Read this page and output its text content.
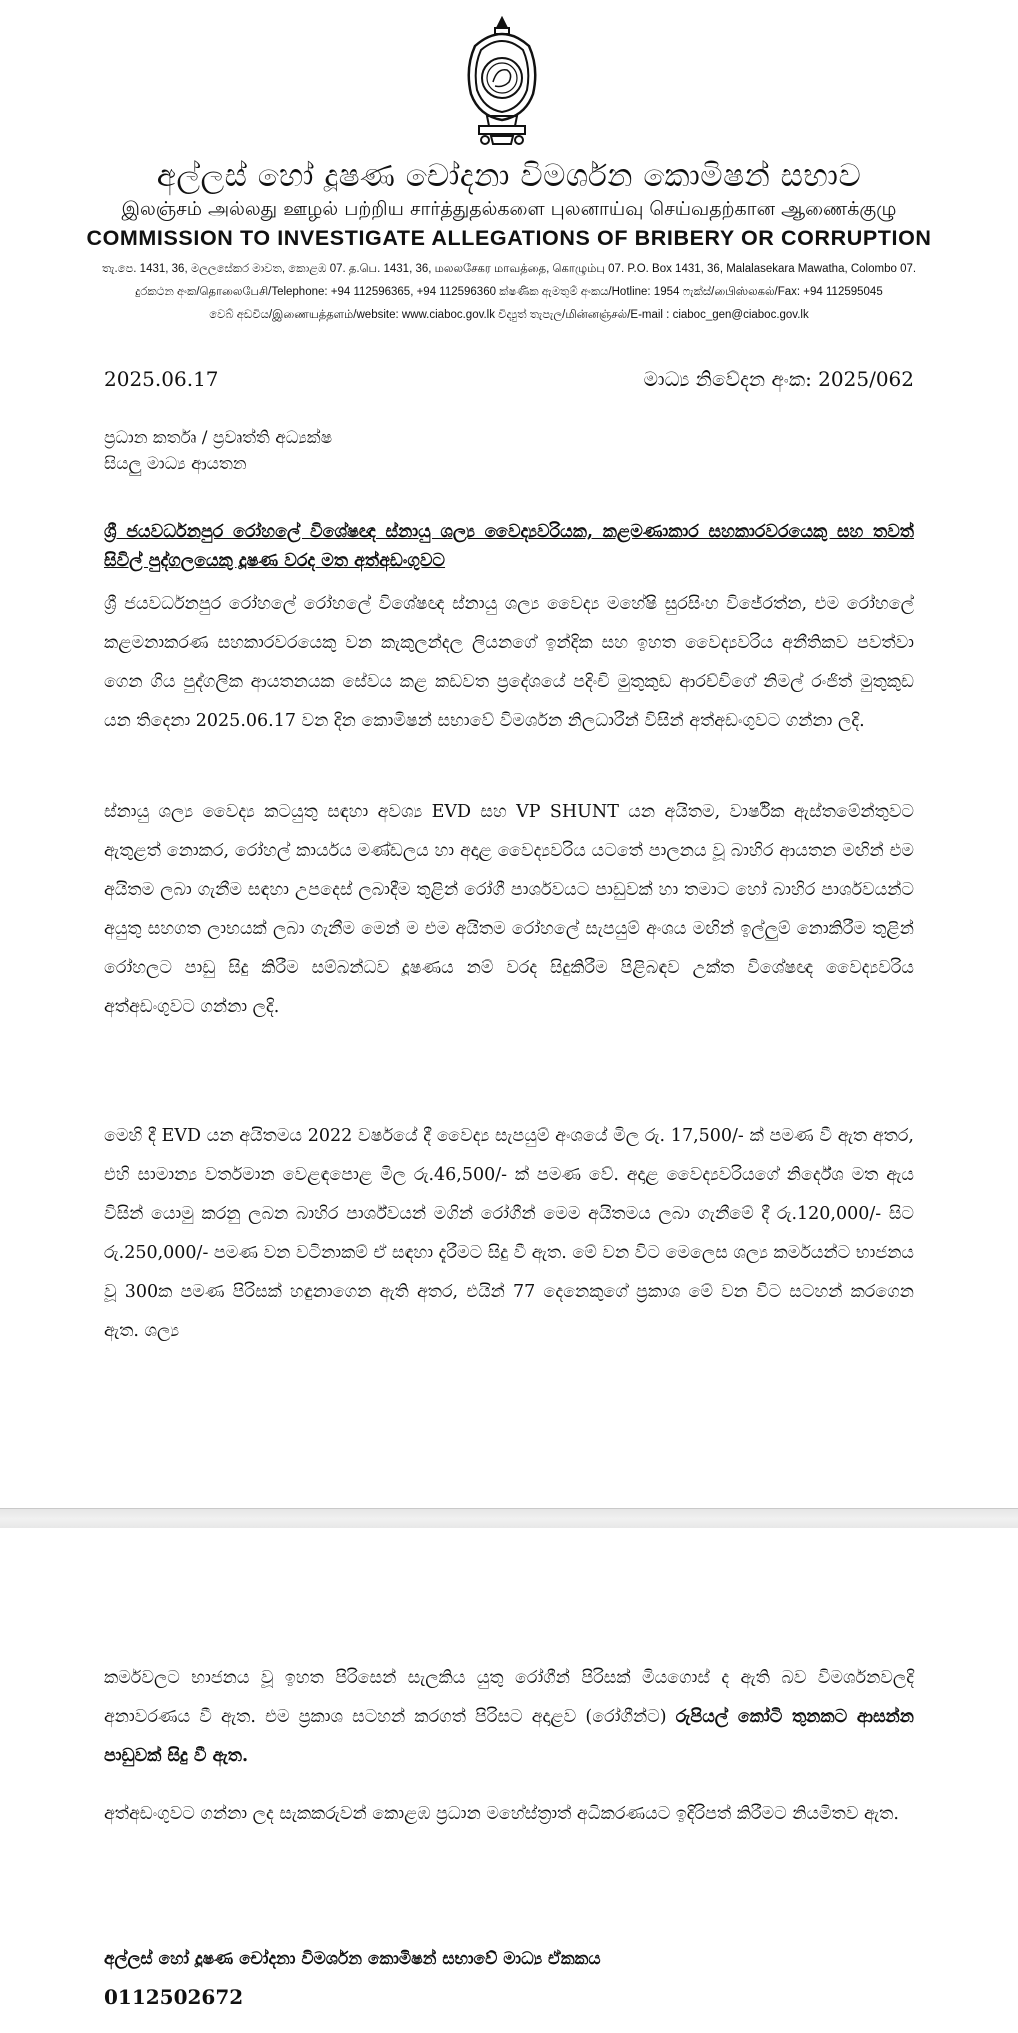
අල්ලස් හෝ දූෂණ චෝදනා විමර්ශන කොමිෂන් සභාව
இலஞ்சம் அல்லது ஊழல் பற்றிய சார்த்துதல்களை புலனாய்வு செய்வதற்கான ஆணைக்குழு
COMMISSION TO INVESTIGATE ALLEGATIONS OF BRIBERY OR CORRUPTION
තැ.පෙ. 1431, 36, මලලසේකර මාවත, කොළඹ 07. த.பெ. 1431, 36, மலலசேகர மாவத்தை, கொழும்பு 07. P.O. Box 1431, 36, Malalasekara Mawatha, Colombo 07.
දුරකථන අංක/தொலைபேசி/Telephone: +94 112596365, +94 112596360 ක්ෂණික ඇමතුම් අංකය/Hotline: 1954 ෆැක්ස්/பிைஸ்லகல்/Fax: +94 112595045
වෙබ් අඩවිය/இணையத்தளம்/website: www.ciaboc.gov.lk විද්‍යුත් තැපැල/மின்னஞ்சல்/E-mail : ciaboc_gen@ciaboc.gov.lk
2025.06.17	මාධ්‍ය නිවේදන අංක: 2025/062
ප්‍රධාන කර්තෘ / ප්‍රවෘත්ති අධ්‍යක්ෂ
සියලු මාධ්‍ය ආයතන
ශ්‍රී ජයවර්ධනපුර රෝහලේ විශේෂඥ ස්නායු ශල්‍ය වෛද්‍යවරියක, කළමණාකාර සහකාරවරයෙකු සහ තවත් සිවිල් පුද්ගලයෙකු දූෂණ වරද මත අත්අඩංගුවට
ශ්‍රී ජයවර්ධනපුර රෝහලේ රෝහලේ විශේෂඥ ස්නායු ශල්‍ය වෛද්‍ය මහේෂි සුරසිංහ විජේරත්න, එම රෝහලේ කළමනාකරණ සහකාරවරයෙකු වන කැකුලන්දල ලියනගේ ඉන්දික සහ ඉහත වෛද්‍යවරිය අනීතිකව පවත්වා ගෙන ගිය පුද්ගලික ආයතනයක සේවය කළ කඩවත ප්‍රදේශයේ පදිංචි මුතුකුඩ ආරච්චිගේ නිමල් රංජිත් මුතුකුඩ යන තිදෙනා 2025.06.17 වන දින කොමිෂන් සභාවේ විමර්ශන නිලධාරීන් විසින් අත්අඩංගුවට ගන්නා ලදි.
ස්නායු ශල්‍ය වෛද්‍ය කටයුතු සඳහා අවශ්‍ය EVD සහ VP SHUNT යන අයිතම, වාර්ෂික ඇස්තමේන්තුවට ඇතුළත් නොකර, රෝහල් කාර්යය මණ්ඩලය හා අදාළ වෛද්‍යවරිය යටතේ පාලනය වූ බාහිර ආයතන මඟින් එම අයිතම ලබා ගැනීම සඳහා උපදෙස් ලබාදීම තුළින් රෝගී පාර්ශවයට පාඩුවක් හා තමාට හෝ බාහිර පාර්ශවයන්ට අයුතු සහගත ලාභයක් ලබා ගැනීම මෙන් ම එම අයිතම රෝහලේ සැපයුම් අංශය මඟින් ඉල්ලුම් නොකිරීම තුළින් රෝහලට පාඩු සිදු කිරීම සම්බන්ධව දූෂණය නම් වරද සිදුකිරීම පිළිබඳව උක්ත විශේෂඥ වෛද්‍යවරිය අත්අඩංගුවට ගන්නා ලදි.
මෙහි දී EVD යන අයිතමය 2022 වර්ෂයේ දී වෛද්‍ය සැපයුම් අංශයේ මිල රු. 17,500/- ක් පමණ වී ඇත අතර, එහි සාමාන්‍ය වර්තමාන වෙළඳපොළ මිල රු.46,500/- ක් පමණ වේ. අදාළ වෛද්‍යවරියගේ නිර්දේශ මත ඇය විසින් යොමු කරනු ලබන බාහිර පාර්ශ්වයන් මගින් රෝගීන් මෙම අයිතමය ලබා ගැනීමේ දී රු.120,000/- සිට රු.250,000/- පමණ වන වටිනාකම් ඒ සඳහා දැරීමට සිදු වී ඇත. මේ වන විට මෙලෙස ශල්‍ය කර්මයන්ට භාජනය වූ 300ක පමණ පිරිසක් හඳුනාගෙන ඇති අතර, එයින් 77 දෙනෙකුගේ ප්‍රකාශ මේ වන විට සටහන් කරගෙන ඇත. ශල්‍ය
කර්මවලට භාජනය වූ ඉහත පිරිසෙන් සැලකිය යුතු රෝගීන් පිරිසක් මියගොස් ද ඇති බව විමර්ශනවලදි අනාවරණය වී ඇත. එම ප්‍රකාශ සටහන් කරගත් පිරිසට අදාළව (රෝගීන්ට) රුපියල් කෝටි තුනකට ආසන්න පාඩුවක් සිදු වී ඇත.
අත්අඩංගුවට ගන්නා ලද සැකකරුවන් කොළඹ ප්‍රධාන මහේස්ත්‍රාත් අධිකරණයට ඉදිරිපත් කිරීමට නියමිතව ඇත.
අල්ලස් හෝ දූෂණ චෝදනා විමර්ශන කොමිෂන් සභාවේ මාධ්‍ය ඒකකය
0112502672
